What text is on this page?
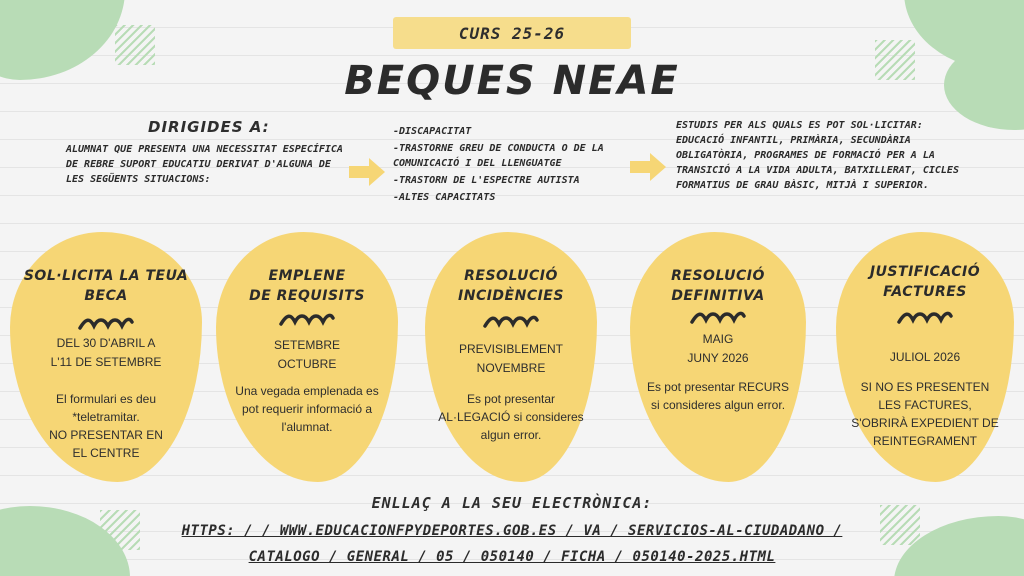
CURS 25-26
BEQUES NEAE
DIRIGIDES A:
ALUMNAT QUE PRESENTA UNA NECESSITAT ESPECÍFICA DE REBRE SUPORT EDUCATIU DERIVAT D'ALGUNA DE LES SEGÜENTS SITUACIONS:
-DISCAPACITAT
-TRASTORNE GREU DE CONDUCTA O DE LA COMUNICACIÓ I DEL LLENGUATGE
-TRASTORN DE L'ESPECTRE AUTISTA
-ALTES CAPACITATS
ESTUDIS PER ALS QUALS ES POT SOL·LICITAR: EDUCACIÓ INFANTIL, PRIMÀRIA, SECUNDÀRIA OBLIGATÒRIA, PROGRAMES DE FORMACIÓ PER A LA TRANSICIÓ A LA VIDA ADULTA, BATXILLERAT, CICLES FORMATIUS DE GRAU BÀSIC, MITJÀ I SUPERIOR.
SOL·LICITA LA TEUA
BECA
DEL 30 D'ABRIL A
L'11 DE SETEMBRE
El formulari es deu
*teletramitar.
NO PRESENTAR EN
EL CENTRE
EMPLENE
DE REQUISITS
SETEMBRE
OCTUBRE
Una vegada emplenada es
pot requerir informació a
l'alumnat.
RESOLUCIÓ
INCIDÈNCIES
PREVISIBLEMENT
NOVEMBRE
Es pot presentar
AL·LEGACIÓ si consideres
algun error.
RESOLUCIÓ
DEFINITIVA
MAIG
JUNY 2026
Es pot presentar RECURS
si consideres algun error.
JUSTIFICACIÓ
FACTURES
JULIOL 2026
SI NO ES PRESENTEN
LES FACTURES,
S'OBRIRÀ EXPEDIENT DE
REINTEGRAMENT
ENLLAÇ A LA SEU ELECTRÒNICA:
HTTPS: / / WWW.EDUCACIONFPYDEPORTES.GOB.ES / VA / SERVICIOS-AL-CIUDADANO / CATALOGO / GENERAL / 05 / 050140 / FICHA / 050140-2025.HTML
